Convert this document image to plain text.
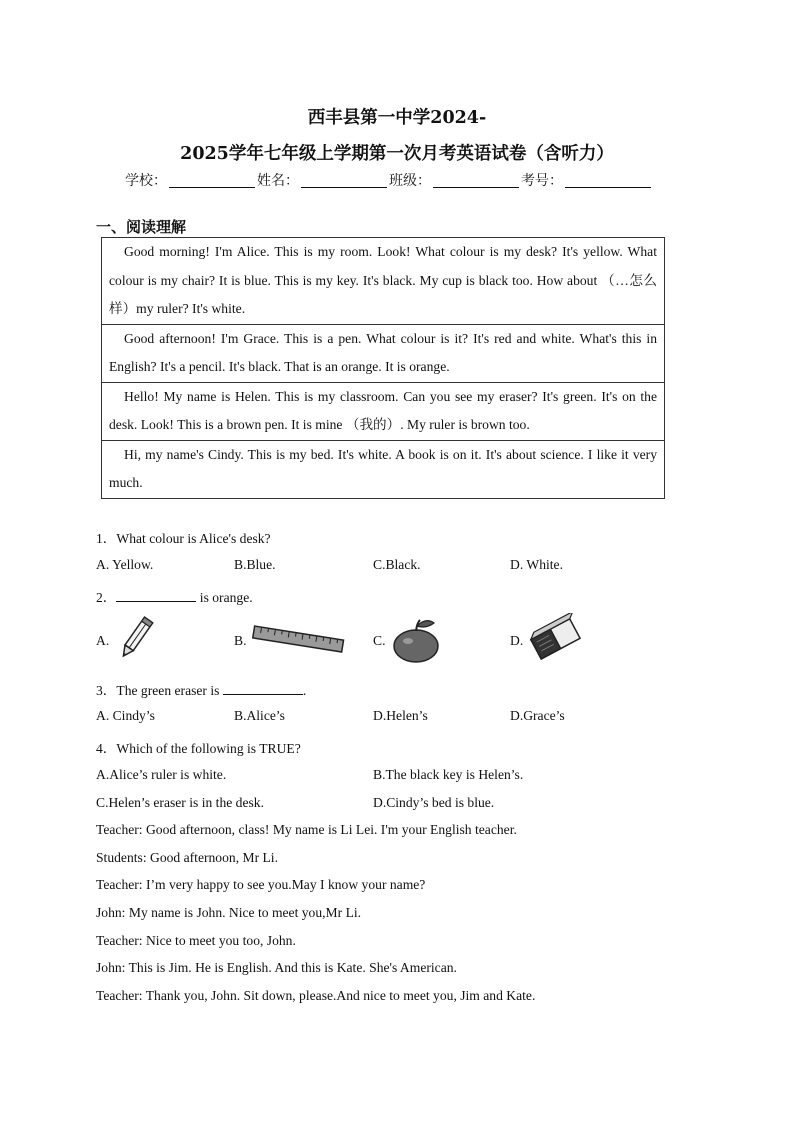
西丰县第一中学2024-
2025学年七年级上学期第一次月考英语试卷（含听力）
学校：	姓名：	班级：	考号：
一、阅读理解
Good morning! I'm Alice. This is my room. Look! What colour is my desk? It's yellow. What colour is my chair? It is blue. This is my key. It's black. My cup is black too. How about （…怎么样）my ruler? It's white.
Good afternoon! I'm Grace. This is a pen. What colour is it? It's red and white. What's this in English? It's a pencil. It's black. That is an orange. It is orange.
Hello! My name is Helen. This is my classroom. Can you see my eraser? It's green. It's on the desk. Look! This is a brown pen. It is mine （我的）. My ruler is brown too.
Hi, my name's Cindy. This is my bed. It's white. A book is on it. It's about science. I like it very much.
1．What colour is Alice's desk?
A. Yellow.	B.Blue.	C.Black.	D. White.
2．	is orange.
A.	B.	C.	D.
3．The green eraser is	.
A. Cindy’s	B.Alice’s	D.Helen’s	D.Grace’s
4．Which of the following is TRUE?
A.Alice’s ruler is white.	B.The black key is Helen’s.
C.Helen’s eraser is in the desk.	D.Cindy’s bed is blue.
Teacher: Good afternoon, class! My name is Li Lei. I'm your English teacher.
Students: Good afternoon, Mr Li.
Teacher: I’m very happy to see you.May I know your name?
John: My name is John. Nice to meet you,Mr Li.
Teacher: Nice to meet you too, John.
John: This is Jim. He is English. And this is Kate. She's American.
Teacher: Thank you, John. Sit down, please.And nice to meet you, Jim and Kate.
